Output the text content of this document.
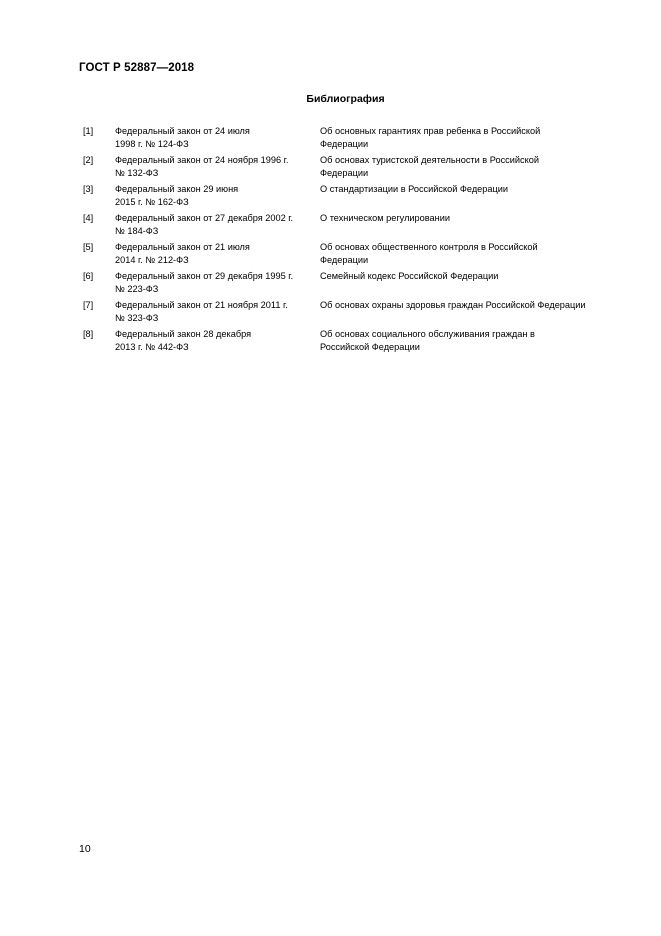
ГОСТ Р 52887—2018
Библиография
[1] Федеральный закон от 24 июля
1998 г. № 124-ФЗ
Об основных гарантиях прав ребенка в Российской
Федерации
[2] Федеральный закон от 24 ноября 1996 г.
№ 132-ФЗ
Об основах туристской деятельности в Российской
Федерации
[3] Федеральный закон 29 июня
2015 г. № 162-ФЗ
О стандартизации в Российской Федерации
[4] Федеральный закон от 27 декабря 2002 г.
№ 184-ФЗ
О техническом регулировании
[5] Федеральный закон от 21 июля
2014 г. № 212-ФЗ
Об основах общественного контроля в Российской
Федерации
[6] Федеральный закон от 29 декабря 1995 г.
№ 223-ФЗ
Семейный кодекс Российской Федерации
[7] Федеральный закон от 21 ноября 2011 г.
№ 323-ФЗ
Об основах охраны здоровья граждан Российской Федерации
[8] Федеральный закон 28 декабря
2013 г. № 442-ФЗ
Об основах социального обслуживания граждан в
Российской Федерации
10
